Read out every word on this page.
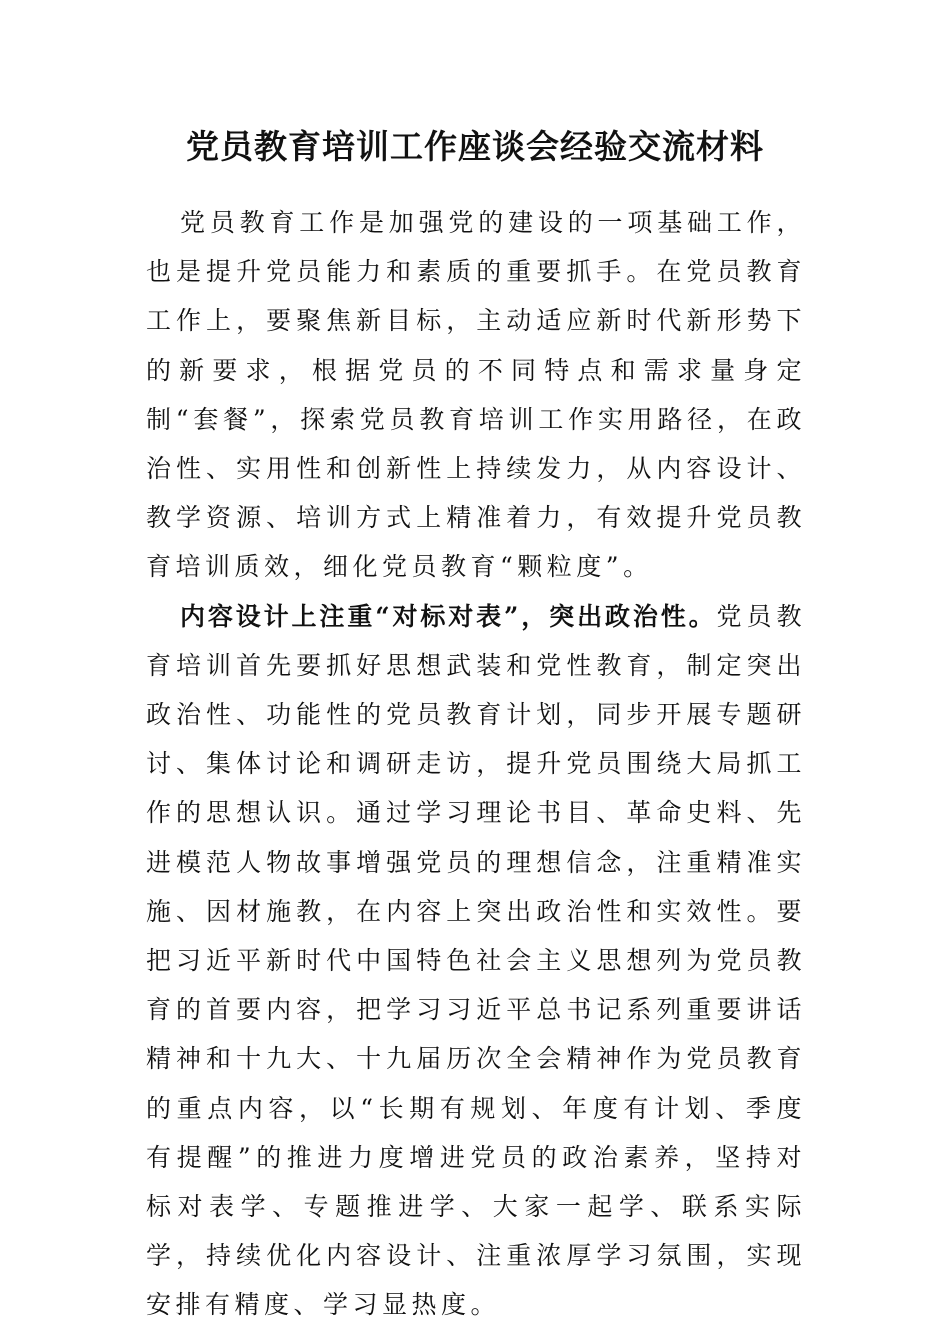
党员教育培训工作座谈会经验交流材料

党员教育工作是加强党的建设的一项基础工作，也是提升党员能力和素质的重要抓手。在党员教育工作上，要聚焦新目标，主动适应新时代新形势下的新要求，根据党员的不同特点和需求量身定制“套餐”，探索党员教育培训工作实用路径，在政治性、实用性和创新性上持续发力，从内容设计、教学资源、培训方式上精准着力，有效提升党员教育培训质效，细化党员教育“颗粒度”。

内容设计上注重“对标对表”，突出政治性。党员教育培训首先要抓好思想武装和党性教育，制定突出政治性、功能性的党员教育计划，同步开展专题研讨、集体讨论和调研走访，提升党员围绕大局抓工作的思想认识。通过学习理论书目、革命史料、先进模范人物故事增强党员的理想信念，注重精准实施、因材施教，在内容上突出政治性和实效性。要把习近平新时代中国特色社会主义思想列为党员教育的首要内容，把学习习近平总书记系列重要讲话精神和十九大、十九届历次全会精神作为党员教育的重点内容，以“长期有规划、年度有计划、季度有提醒”的推进力度增进党员的政治素养，坚持对标对表学、专题推进学、大家一起学、联系实际学，持续优化内容设计、注重浓厚学习氛围，实现安排有精度、学习显热度。
